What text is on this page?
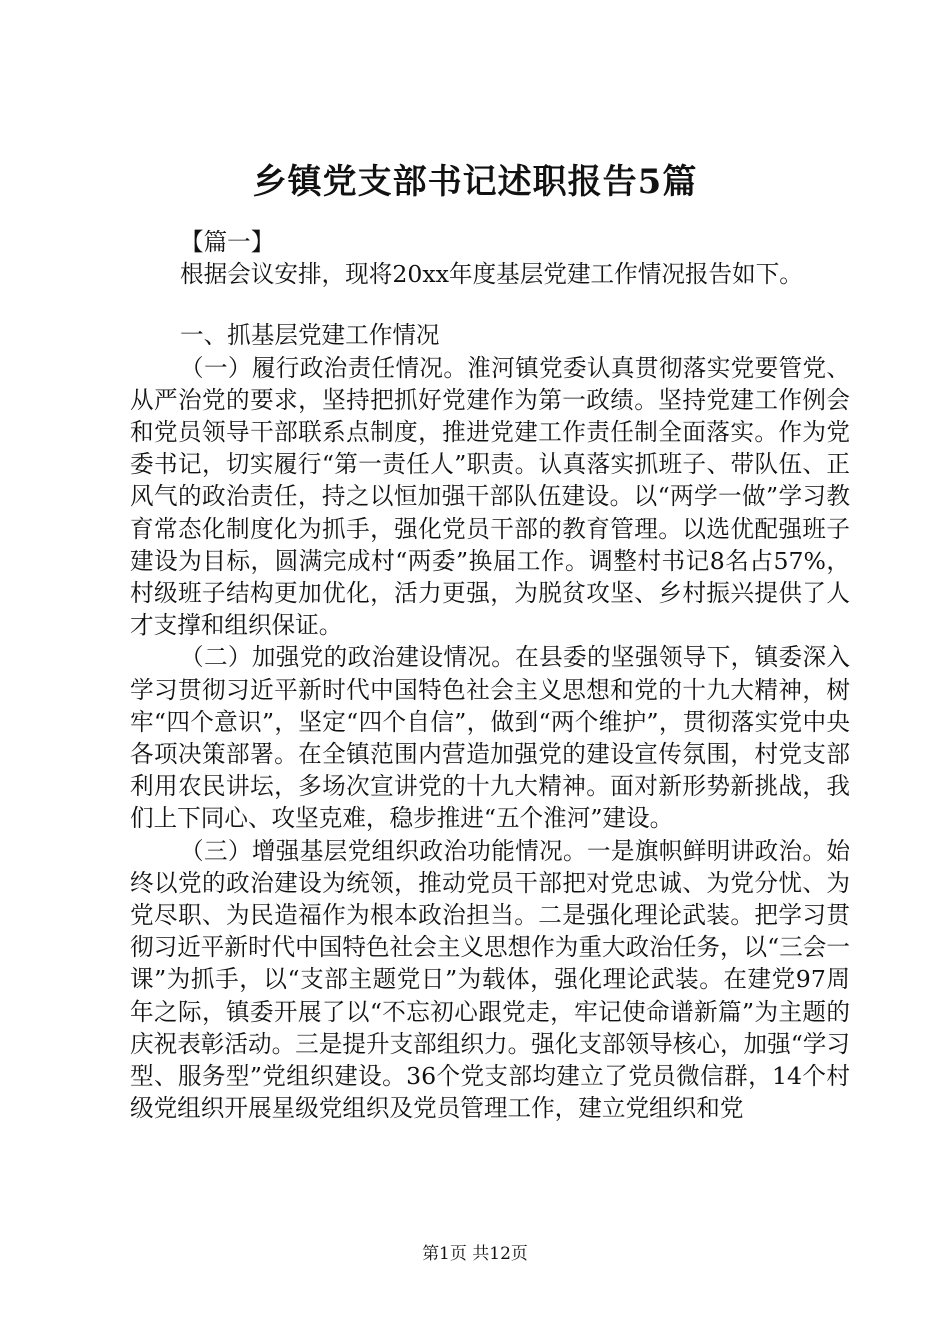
乡镇党支部书记述职报告5篇

【篇一】

根据会议安排，现将20xx年度基层党建工作情况报告如下。

一、抓基层党建工作情况

（一）履行政治责任情况。淮河镇党委认真贯彻落实党要管党、从严治党的要求，坚持把抓好党建作为第一政绩。坚持党建工作例会和党员领导干部联系点制度，推进党建工作责任制全面落实。作为党委书记，切实履行“第一责任人”职责。认真落实抓班子、带队伍、正风气的政治责任，持之以恒加强干部队伍建设。以“两学一做”学习教育常态化制度化为抓手，强化党员干部的教育管理。以选优配强班子建设为目标，圆满完成村“两委”换届工作。调整村书记8名占57%，村级班子结构更加优化，活力更强，为脱贫攻坚、乡村振兴提供了人才支撑和组织保证。

（二）加强党的政治建设情况。在县委的坚强领导下，镇委深入学习贯彻习近平新时代中国特色社会主义思想和党的十九大精神，树牢“四个意识”，坚定“四个自信”，做到“两个维护”，贯彻落实党中央各项决策部署。在全镇范围内营造加强党的建设宣传氛围，村党支部利用农民讲坛，多场次宣讲党的十九大精神。面对新形势新挑战，我们上下同心、攻坚克难，稳步推进“五个淮河”建设。

（三）增强基层党组织政治功能情况。一是旗帜鲜明讲政治。始终以党的政治建设为统领，推动党员干部把对党忠诚、为党分忧、为党尽职、为民造福作为根本政治担当。二是强化理论武装。把学习贯彻习近平新时代中国特色社会主义思想作为重大政治任务，以“三会一课”为抓手，以“支部主题党日”为载体，强化理论武装。在建党97周年之际，镇委开展了以“不忘初心跟党走，牢记使命谱新篇”为主题的庆祝表彰活动。三是提升支部组织力。强化支部领导核心，加强“学习型、服务型”党组织建设。36个党支部均建立了党员微信群，14个村级党组织开展星级党组织及党员管理工作，建立党组织和党

第1页 共12页
